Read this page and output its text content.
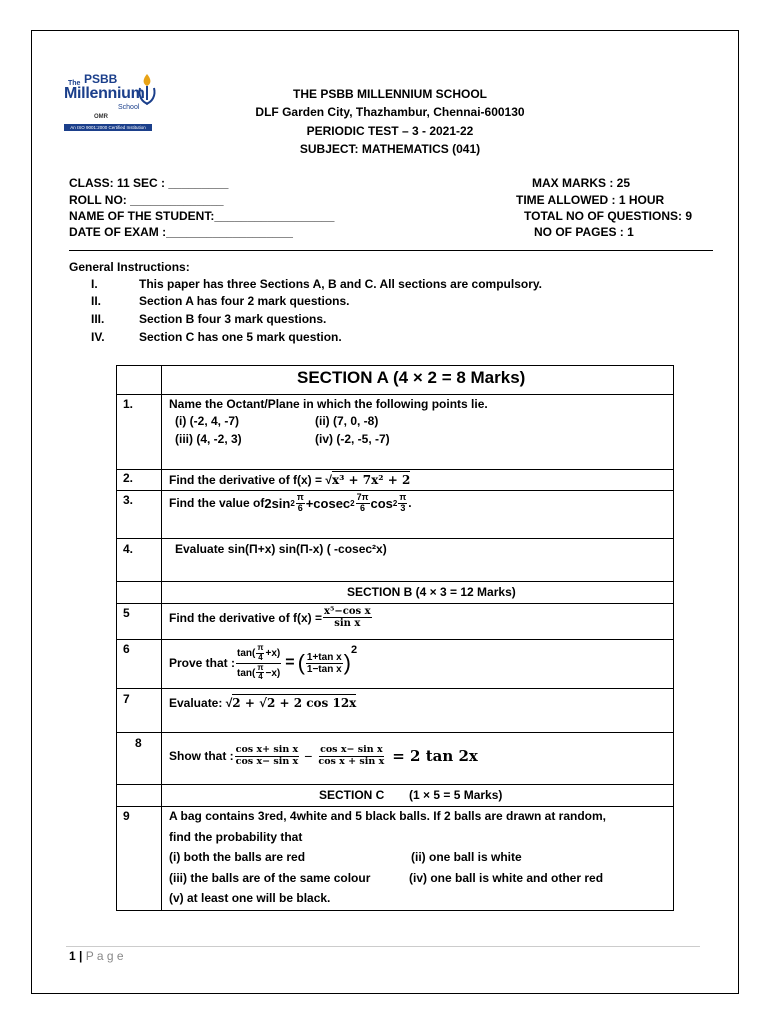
The PSBB
Millennium
School
OMR
An ISO 9001:2000 Certified Institution
THE PSBB MILLENNIUM SCHOOL
DLF Garden City, Thazhambur, Chennai-600130
PERIODIC TEST – 3 - 2021-22
SUBJECT: MATHEMATICS (041)
CLASS: 11 SEC : _________
ROLL NO: ______________
NAME OF THE STUDENT:__________________
DATE OF EXAM :___________________
MAX MARKS : 25
TIME ALLOWED : 1 HOUR
TOTAL NO OF QUESTIONS: 9
NO OF PAGES : 1
General Instructions:
I.	This paper has three Sections A, B and C. All sections are compulsory.
II.	Section A has four 2 mark questions.
III.	Section B four 3 mark questions.
IV.	Section C has one 5 mark question.
SECTION A (4 × 2 = 8 Marks)
1.	Name the Octant/Plane in which the following points lie.
(i) (-2, 4, -7)	(ii) (7, 0, -8)
(iii) (4, -2, 3)	(iv) (-2, -5, -7)
2.	Find the derivative of f(x) = √x³ + 7x² + 2
3.	Find the value of 2sin $2 \frac{\pi}{6} +cosec$ $2 \frac{7\pi}{6}$ $\cos 2 \frac{\pi}{3}$ .
4.	Evaluate sin(Π+x) sin(Π-x) ( -cosec²x)
SECTION B (4 × 3 = 12 Marks)
5	Find the derivative of $f(x) = \frac{\text{x⁵−cos x}}{\text{sin x}}$
6
Prove that : $\frac{\tan( \frac{\pi}{4} +x)}{\tan( \frac{\pi}{4} -x)}$ = ( $\frac{\text{1+tan x}}{\text{1−tan x}}$ ) 2
7	Evaluate: √2 + √2 + 2 cos 12x
8
Show that : $\frac{\text{cos x+ sin x}}{\text{cos x− sin x}} - \frac{\text{cos x− sin x}}{\text{cos x + sin x}} = 2$ tan 2x
SECTION C (1 × 5 = 5 Marks)
9	A bag contains 3red, 4white and 5 black balls. If 2 balls are drawn at random,
find the probability that
(i) both the balls are red	(ii) one ball is white
(iii) the balls are of the same colour	(iv) one ball is white and other red
(v) at least one will be black.
1 | P a g e
